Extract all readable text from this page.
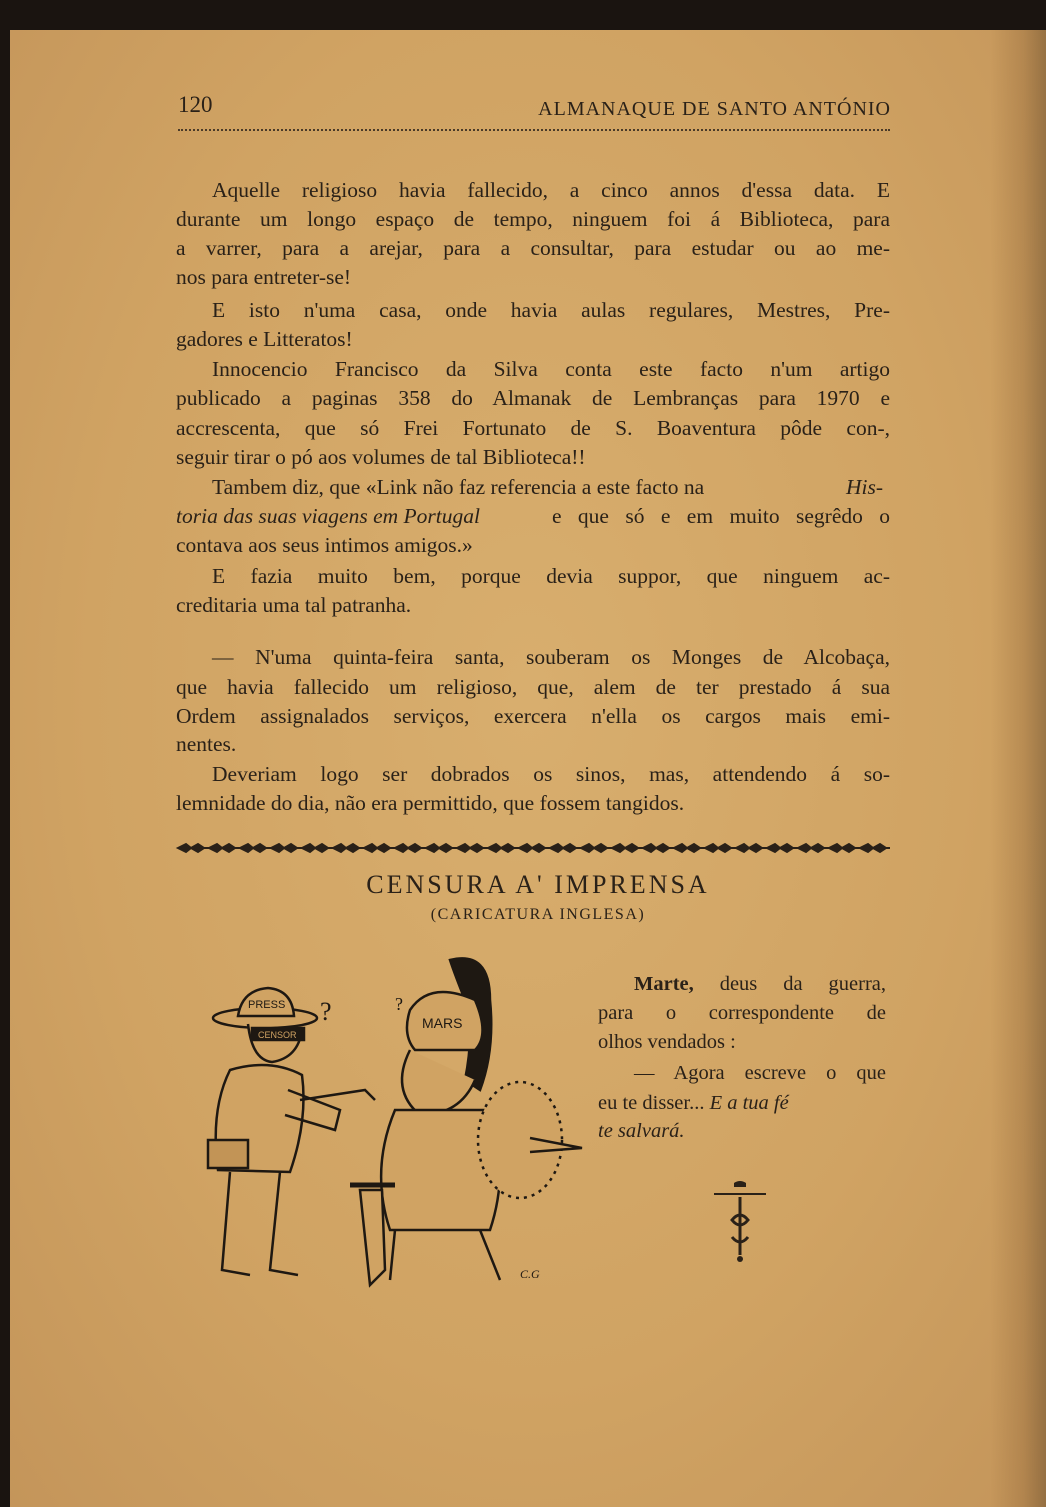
120	ALMANAQUE DE SANTO ANTÓNIO
Aquelle religioso havia fallecido, a cinco annos d'essa data. E
durante um longo espaço de tempo, ninguem foi á Biblioteca, para
a varrer, para a arejar, para a consultar, para estudar ou ao me-
nos para entreter-se!
E isto n'uma casa, onde havia aulas regulares, Mestres, Pre-
gadores e Litteratos!
Innocencio Francisco da Silva conta este facto n'um artigo
publicado a paginas 358 do Almanak de Lembranças para 1970 e
accrescenta, que só Frei Fortunato de S. Boaventura pôde con-,
seguir tirar o pó aos volumes de tal Biblioteca!!
Tambem diz, que «Link não faz referencia a este facto na	His-
toria das suas viagens em Portugal	e que só e em muito segrêdo o
contava aos seus intimos amigos.»
E fazia muito bem, porque devia suppor, que ninguem ac-
creditaria uma tal patranha.
— N'uma quinta-feira santa, souberam os Monges de Alcobaça,
que havia fallecido um religioso, que, alem de ter prestado á sua
Ordem assignalados serviços, exercera n'ella os cargos mais emi-
nentes.
Deveriam logo ser dobrados os sinos, mas, attendendo á so-
lemnidade do dia, não era permittido, que fossem tangidos.
CENSURA A' IMPRENSA
(CARICATURA INGLESA)
PRESS
CENSOR
?	MARS
?
C.G
!
Marte, deus da guerra,
para o correspondente de
olhos vendados :
— Agora escreve o que
eu te disser... E a tua fé
te salvará.
